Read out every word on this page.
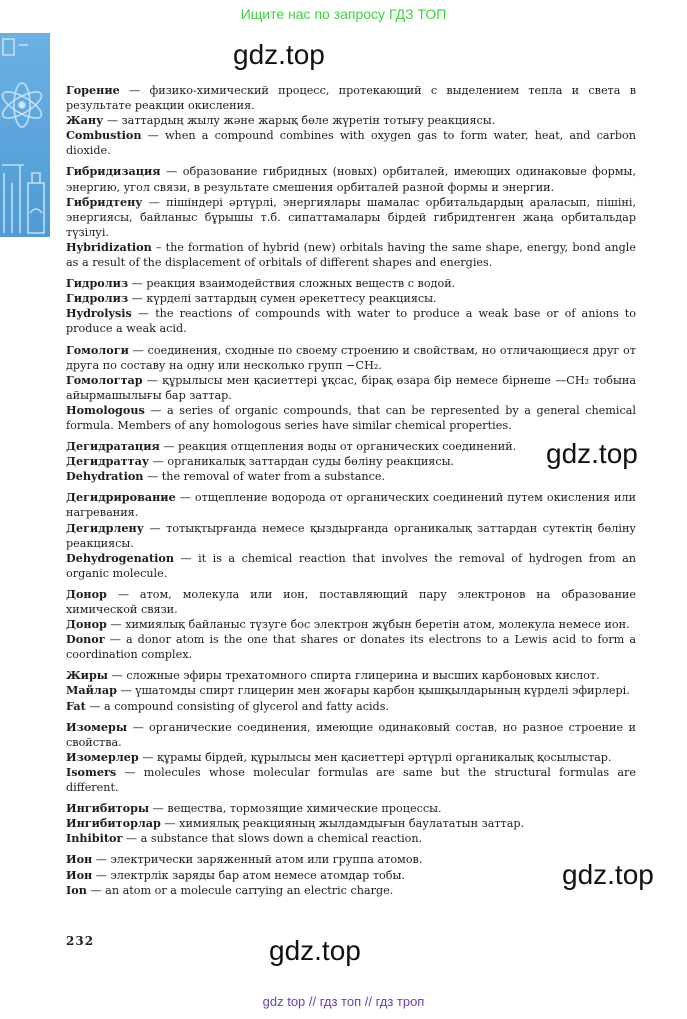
Ищите нас по запросу ГДЗ ТОП
gdz.top
gdz.top
gdz.top
gdz.top
Горение — физико-химический процесс, протекающий с выделением тепла и света в результате реакции окисления.
Жану — заттардың жылу және жарық бөле жүретін тотығу реакциясы.
Combustion — when a compound combines with oxygen gas to form water, heat, and carbon dioxide.
Гибридизация — образование гибридных (новых) орбиталей, имеющих одинаковые формы, энергию, угол связи, в результате смешения орбиталей разной формы и энергии.
Гибридтену — пішіндері әртүрлі, энергиялары шамалас орбитальдардың араласып, пішіні, энергиясы, байланыс бұрышы т.б. сипаттамалары бірдей гибридтенген жаңа орбитальдар түзілуі.
Hybridization – the formation of hybrid (new) orbitals having the same shape, energy, bond angle as a result of the displacement of orbitals of different shapes and energies.
Гидролиз — реакция взаимодействия сложных веществ с водой.
Гидролиз — күрделі заттардың сумен әрекеттесу реакциясы.
Hydrolysis — the reactions of compounds with water to produce a weak base or of anions to produce a weak acid.
Гомологи — соединения, сходные по своему строению и свойствам, но отличающиеся друг от друга по составу на одну или несколько групп −CH₂.
Гомологтар — құрылысы мен қасиеттері ұқсас, бірақ өзара бір немесе бірнеше —CH₂ тобына айырмашылығы бар заттар.
Homologous — a series of organic compounds, that can be represented by a general chemical formula. Members of any homologous series have similar chemical properties.
Дегидратация — реакция отщепления воды от органических соединений.
Дегидраттау — органикалық заттардан суды бөліну реакциясы.
Dehydration — the removal of water from a substance.
Дегидрирование — отщепление водорода от органических соединений путем окисления или нагревания.
Дегидрлену — тотықтырғанда немесе қыздырғанда органикалық заттардан сутектің бөліну реакциясы.
Dehydrogenation — it is a chemical reaction that involves the removal of hydrogen from an organic molecule.
Донор — атом, молекула или ион, поставляющий пару электронов на образование химической связи.
Донор — химиялық байланыс түзуге бос электрон жұбын беретін атом, молекула немесе ион.
Donor — a donor atom is the one that shares or donates its electrons to a Lewis acid to form a coordination complex.
Жиры — сложные эфиры трехатомного спирта глицерина и высших карбоновых кислот.
Майлар — үшатомды спирт глицерин мен жоғары карбон қышқылдарының күрделі эфирлері.
Fat — a compound consisting of glycerol and fatty acids.
Изомеры — органические соединения, имеющие одинаковый состав, но разное строение и свойства.
Изомерлер — құрамы бірдей, құрылысы мен қасиеттері әртүрлі органикалық қосылыстар.
Isomers — molecules whose molecular formulas are same but the structural formulas are different.
Ингибиторы — вещества, тормозящие химические процессы.
Ингибиторлар — химиялық реакцияның жылдамдығын баулататын заттар.
Inhibitor — a substance that slows down a chemical reaction.
Ион — электрически заряженный атом или группа атомов.
Ион — электрлік заряды бар атом немесе атомдар тобы.
Ion — an atom or a molecule carrying an electric charge.
232
gdz top // гдз топ // гдз троп
